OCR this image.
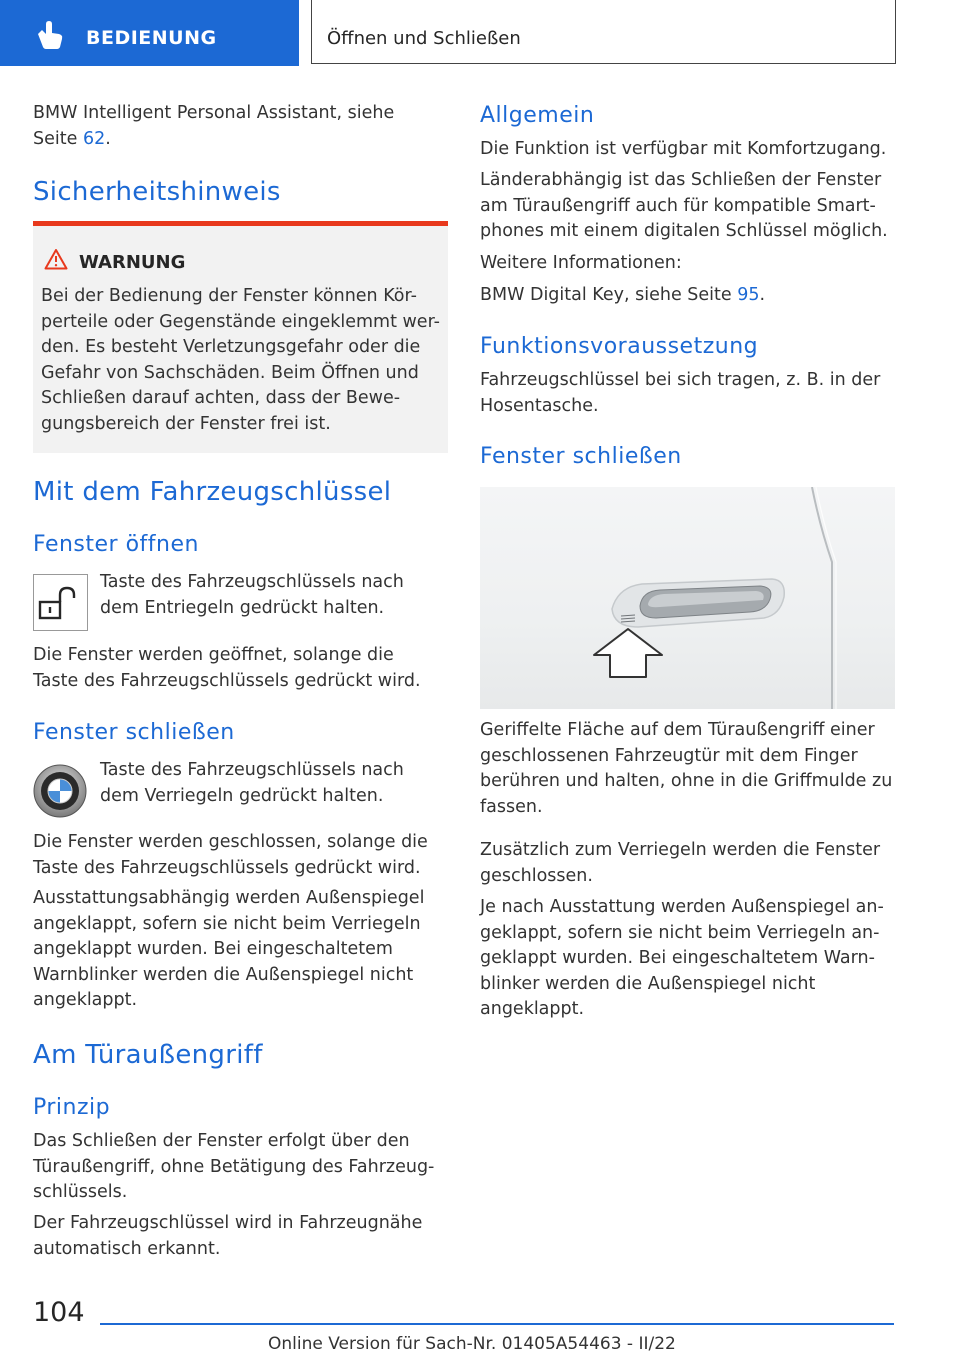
BEDIENUNG	Öffnen und Schließen

BMW Intelligent Personal Assistant, siehe
Seite 62.

Sicherheitshinweis
WARNUNG

Bei der Bedienung der Fenster können Kör-
perteile oder Gegenstände eingeklemmt wer-
den. Es besteht Verletzungsgefahr oder die
Gefahr von Sachschäden. Beim Öffnen und
Schließen darauf achten, dass der Bewe-
gungsbereich der Fenster frei ist.

Mit dem Fahrzeugschlüssel
Fenster öffnen

Taste des Fahrzeugschlüssels nach
dem Entriegeln gedrückt halten.

Die Fenster werden geöffnet, solange die
Taste des Fahrzeugschlüssels gedrückt wird.

Fenster schließen

Taste des Fahrzeugschlüssels nach
dem Verriegeln gedrückt halten.

Die Fenster werden geschlossen, solange die
Taste des Fahrzeugschlüssels gedrückt wird.

Ausstattungsabhängig werden Außenspiegel
angeklappt, sofern sie nicht beim Verriegeln
angeklappt wurden. Bei eingeschaltetem
Warnblinker werden die Außenspiegel nicht
angeklappt.

Am Türaußengriff
Prinzip

Das Schließen der Fenster erfolgt über den
Türaußengriff, ohne Betätigung des Fahrzeug-
schlüssels.

Der Fahrzeugschlüssel wird in Fahrzeugnähe
automatisch erkannt.

Allgemein

Die Funktion ist verfügbar mit Komfortzugang.

Länderabhängig ist das Schließen der Fenster
am Türaußengriff auch für kompatible Smart-
phones mit einem digitalen Schlüssel möglich.

Weitere Informationen:

BMW Digital Key, siehe Seite 95.

Funktionsvoraussetzung

Fahrzeugschlüssel bei sich tragen, z. B. in der
Hosentasche.

Fenster schließen

Geriffelte Fläche auf dem Türaußengriff einer
geschlossenen Fahrzeugtür mit dem Finger
berühren und halten, ohne in die Griffmulde zu
fassen.

Zusätzlich zum Verriegeln werden die Fenster
geschlossen.

Je nach Ausstattung werden Außenspiegel an-
geklappt, sofern sie nicht beim Verriegeln an-
geklappt wurden. Bei eingeschaltetem Warn-
blinker werden die Außenspiegel nicht
angeklappt.

104
Online Version für Sach-Nr. 01405A54463 - II/22
